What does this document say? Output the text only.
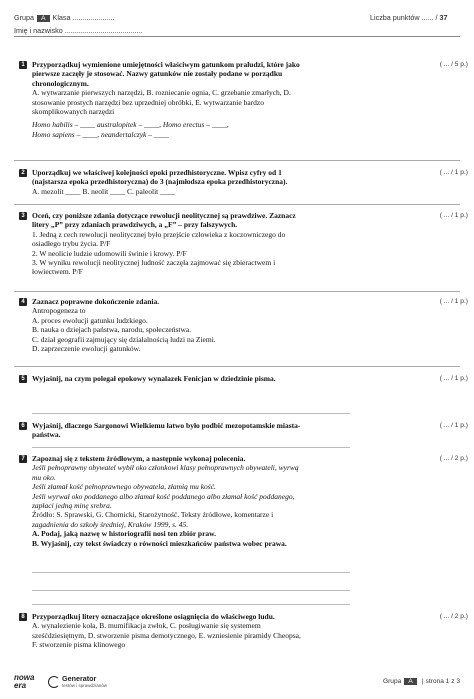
Grupa A Klasa .....................	Liczba punktów ...... / 37
Imię i nazwisko .......................................
1	( ... / 5 p.)
Przyporządkuj wymienione umiejętności właściwym gatunkom praludzi, które jako
pierwsze zaczęły je stosować. Nazwy gatunków nie zostały podane w porządku
chronologicznym.
A. wytwarzanie pierwszych narzędzi, B. rozniecanie ognia, C. grzebanie zmarłych, D.
stosowanie prostych narzędzi bez uprzedniej obróbki, E. wytwarzanie bardzo
skomplikowanych narzędzi
Homo habilis – ____ australopitek – ____, Homo erectus – ____,
Homo sapiens – ____, neandertalczyk – ____
2	( ... / 1 p.)
Uporządkuj we właściwej kolejności epoki przedhistoryczne. Wpisz cyfry od 1
(najstarsza epoka przedhistoryczna) do 3 (najmłodsza epoka przedhistoryczna).
A. mezolit ____ B. neolit ____ C. paleolit ____
3	( ... / 1 p.)
Oceń, czy poniższe zdania dotyczące rewolucji neolitycznej są prawdziwe. Zaznacz
litery „P” przy zdaniach prawdziwych, a „F” – przy fałszywych.
1. Jedną z cech rewolucji neolitycznej było przejście człowieka z koczowniczego do
osiadłego trybu życia. P/F
2. W neolicie ludzie udomowili świnie i krowy. P/F
3. W wyniku rewolucji neolitycznej ludność zaczęła zajmować się zbieractwem i
łowiectwem. P/F
4	( ... / 1 p.)
Zaznacz poprawne dokończenie zdania.
Antropogeneza to
A. proces ewolucji gatunku ludzkiego.
B. nauka o dziejach państwa, narodu, społeczeństwa.
C. dział geografii zajmujący się działalnością ludzi na Ziemi.
D. zaprzeczenie ewolucji gatunków.
5	( ... / 1 p.)
Wyjaśnij, na czym polegał epokowy wynalazek Fenicjan w dziedzinie pisma.
6	( ... / 1 p.)
Wyjaśnij, dlaczego Sargonowi Wielkiemu łatwo było podbić mezopotamskie miasta-
państwa.
7	( ... / 2 p.)
Zapoznaj się z tekstem źródłowym, a następnie wykonaj polecenia.
Jeśli pełnoprawny obywatel wybił oko członkowi klasy pełnoprawnych obywateli, wyrwą
mu oko.
Jeśli złamał kość pełnoprawnego obywatela, złamią mu kość.
Jeśli wyrwał oko poddanego albo złamał kość poddanego albo złamał kość poddanego,
zapłaci jedną minę srebra.
Źródło: S. Sprawski, G. Chomicki, Starożytność. Teksty źródłowe, komentarze i
zagadnienia do szkoły średniej, Kraków 1999, s. 45.
A. Podaj, jaką nazwę w historiografii nosi ten zbiór praw.
B. Wyjaśnij, czy tekst świadczy o równości mieszkańców państwa wobec prawa.
8	( ... / 2 p.)
Przyporządkuj litery oznaczające określone osiągnięcia do właściwego ludu.
A. wynalezienie koła, B. mumifikacja zwłok, C. posługiwanie się systemem
sześćdziesiętnym, D. stworzenie pisma demotycznego, E. wzniesienie piramidy Cheopsa,
F. stworzenie pisma klinowego
nowa
era
Generator
testów i sprawdzianów
Grupa A | strona 1 z 3
